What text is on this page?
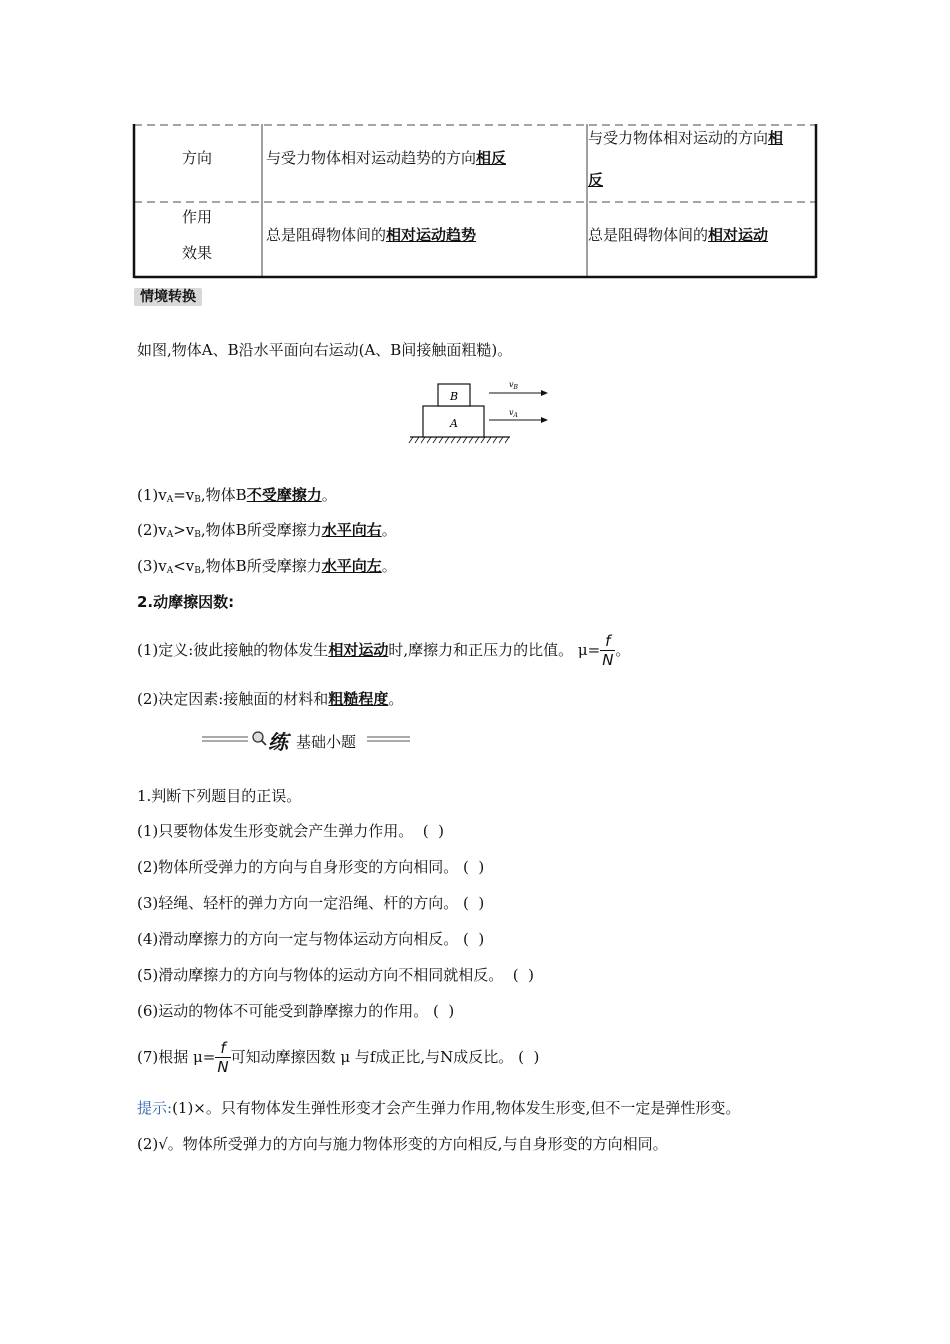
方向	与受力物体相对运动趋势的方向相反
与受力物体相对运动的方向相
反
作用
效果
总是阻碍物体间的相对运动趋势	总是阻碍物体间的相对运动
情境转换
如图,物体A、B沿水平面向右运动(A、B间接触面粗糙)。
A
B
$v_B$
$v_A$
$(1)v_A=v_B$,物体B不受摩擦力。
$(2)v_A>v_B$,物体B所受摩擦力水平向右。
$(3)v_A<v_B$,物体B所受摩擦力水平向左。
2.动摩擦因数:
(1)定义:彼此接触的物体发生 相对运动 时,摩擦力和正压力的比值。 $\mu= \frac{f}{N}$ 。
(2)决定因素:接触面的材料和粗糙程度。
练 基础小题
1.判断下列题目的正误。
(1)只要物体发生形变就会产生弹力作用。  (  )
(2)物体所受弹力的方向与自身形变的方向相同。 (  )
(3)轻绳、轻杆的弹力方向一定沿绳、杆的方向。 (  )
(4)滑动摩擦力的方向一定与物体运动方向相反。 (  )
(5)滑动摩擦力的方向与物体的运动方向不相同就相反。  (  )
(6)运动的物体不可能受到静摩擦力的作用。 (  )
(7)根据 $\mu= \frac{f}{N}$ 可知动摩擦因数 μ 与f成正比,与N成反比。 (  )
提示:(1)×。只有物体发生弹性形变才会产生弹力作用,物体发生形变,但不一定是弹性形变。
(2)√。物体所受弹力的方向与施力物体形变的方向相反,与自身形变的方向相同。
